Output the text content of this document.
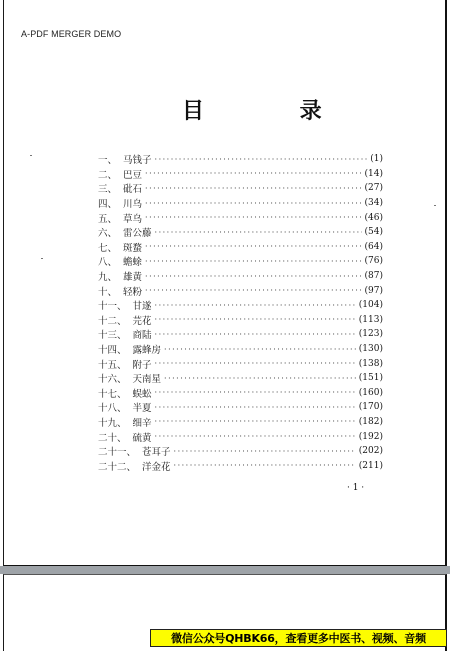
A-PDF MERGER DEMO
目 录
一、 马钱子 ·····	(1)
二、 巴豆 ·····	(14)
三、 砒石 ·····	(27)
四、 川乌 ·····	(34)
五、 草乌 ·····	(46)
六、 雷公藤 ·····	(54)
七、 斑蝥 ·····	(64)
八、 蟾蜍 ·····	(76)
九、 雄黄 ·····	(87)
十、 轻粉 ·····	(97)
十一、 甘遂 ·····	(104)
十二、 芫花 ·····	(113)
十三、 商陆 ·····	(123)
十四、 露蜂房 ·····	(130)
十五、 附子 ·····	(138)
十六、 天南星 ·····	(151)
十七、 蜈蚣 ·····	(160)
十八、 半夏 ·····	(170)
十九、 细辛 ·····	(182)
二十、 硫黄 ·····	(192)
二十一、 苍耳子 ·····	(202)
二十二、 洋金花 ·····	(211)
· 1 ·
微信公众号QHBK66，查看更多中医书、视频、音频
